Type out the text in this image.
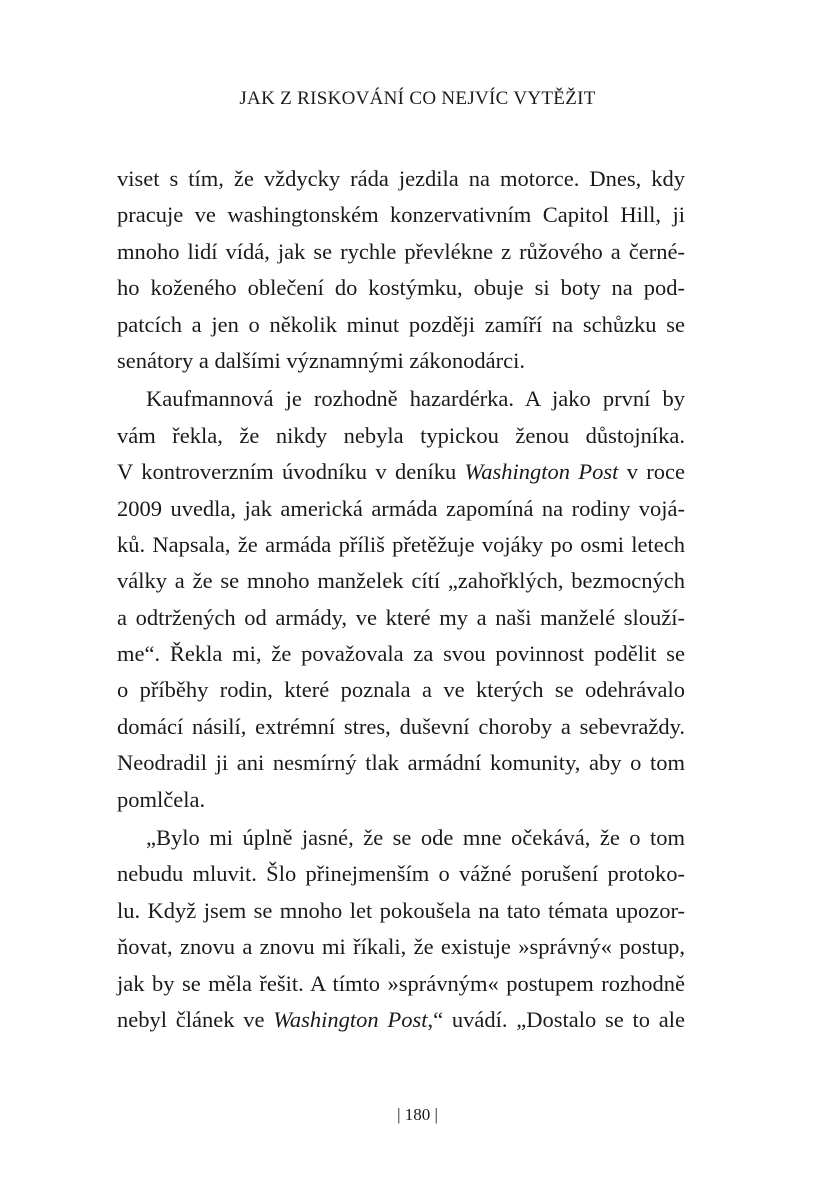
JAK Z RISKOVÁNÍ CO NEJVÍC VYTĚŽIT
viset s tím, že vždycky ráda jezdila na motorce. Dnes, kdy
pracuje ve washingtonském konzervativním Capitol Hill, ji
mnoho lidí vídá, jak se rychle převlékne z růžového a černé-
ho koženého oblečení do kostýmku, obuje si boty na pod-
patcích a jen o několik minut později zamíří na schůzku se
senátory a dalšími významnými zákonodárci.
Kaufmannová je rozhodně hazardérka. A jako první by
vám řekla, že nikdy nebyla typickou ženou důstojníka.
V kontroverzním úvodníku v deníku Washington Post v roce
2009 uvedla, jak americká armáda zapomíná na rodiny vojá-
ků. Napsala, že armáda příliš přetěžuje vojáky po osmi letech
války a že se mnoho manželek cítí „zahořklých, bezmocných
a odtržených od armády, ve které my a naši manželé slouží-
me“. Řekla mi, že považovala za svou povinnost podělit se
o příběhy rodin, které poznala a ve kterých se odehrávalo
domácí násilí, extrémní stres, duševní choroby a sebevraždy.
Neodradil ji ani nesmírný tlak armádní komunity, aby o tom
pomlčela.
„Bylo mi úplně jasné, že se ode mne očekává, že o tom
nebudu mluvit. Šlo přinejmenším o vážné porušení protoko-
lu. Když jsem se mnoho let pokoušela na tato témata upozor-
ňovat, znovu a znovu mi říkali, že existuje »správný« postup,
jak by se měla řešit. A tímto »správným« postupem rozhodně
nebyl článek ve Washington Post,“ uvádí. „Dostalo se to ale
| 180 |
